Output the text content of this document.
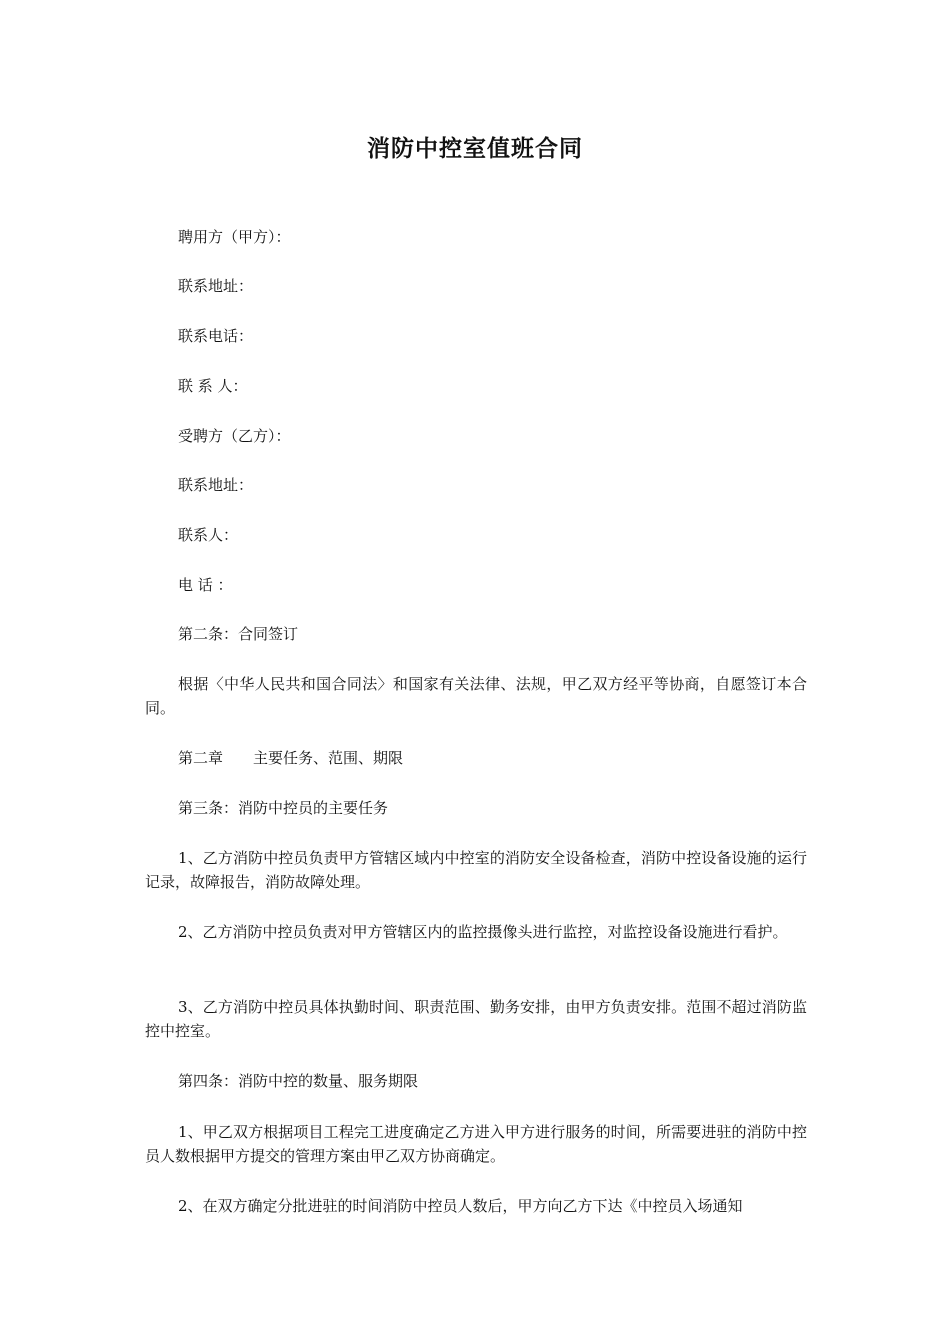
消防中控室值班合同
聘用方（甲方）：
联系地址：
联系电话：
联 系 人：
受聘方（乙方）：
联系地址：
联系人：
电 话 ：
第二条：合同签订
根据〈中华人民共和国合同法〉和国家有关法律、法规，甲乙双方经平等协商，自愿签订本合同。
第二章　　主要任务、范围、期限
第三条：消防中控员的主要任务
1、乙方消防中控员负责甲方管辖区域内中控室的消防安全设备检查，消防中控设备设施的运行记录，故障报告，消防故障处理。
2、乙方消防中控员负责对甲方管辖区内的监控摄像头进行监控，对监控设备设施进行看护。
3、乙方消防中控员具体执勤时间、职责范围、勤务安排，由甲方负责安排。范围不超过消防监控中控室。
第四条：消防中控的数量、服务期限
1、甲乙双方根据项目工程完工进度确定乙方进入甲方进行服务的时间，所需要进驻的消防中控员人数根据甲方提交的管理方案由甲乙双方协商确定。
2、在双方确定分批进驻的时间消防中控员人数后，甲方向乙方下达《中控员入场通知
